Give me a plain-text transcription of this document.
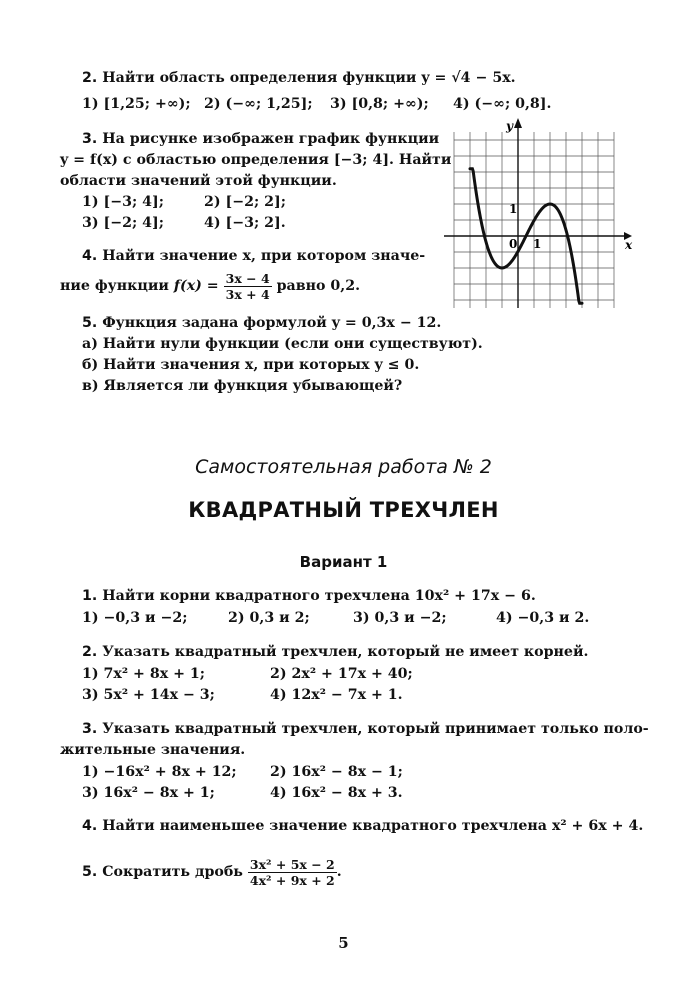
2. Найти область определения функции y = √4 − 5x.
1) [1,25; +∞); 2) (−∞; 1,25]; 3) [0,8; +∞); 4) (−∞; 0,8].
3. На рисунке изображен график функции
y = f(x) с областью определения [−3; 4]. Найти
области значений этой функции.
1) [−3; 4];	2) [−2; 2];
3) [−2; 4];	4) [−3; 2].
4. Найти значение x, при котором значе-
ние функции $f(x) = \frac{3x - 4}{3x + 4}$ равно 0,2.
5. Функция задана формулой y = 0,3x − 12.
а) Найти нули функции (если они существуют).
б) Найти значения x, при которых y ≤ 0.
в) Является ли функция убывающей?
x
y
0 1
1
Самостоятельная работа № 2
КВАДРАТНЫЙ ТРЕХЧЛЕН
Вариант 1
1. Найти корни квадратного трехчлена 10x² + 17x − 6.
1) −0,3 и −2;	2) 0,3 и 2;	3) 0,3 и −2;	4) −0,3 и 2.
2. Указать квадратный трехчлен, который не имеет корней.
1) 7x² + 8x + 1;	2) 2x² + 17x + 40;
3) 5x² + 14x − 3;	4) 12x² − 7x + 1.
3. Указать квадратный трехчлен, который принимает только поло-
жительные значения.
1) −16x² + 8x + 12; 2) 16x² − 8x − 1;
3) 16x² − 8x + 1;	4) 16x² − 8x + 3.
4. Найти наименьшее значение квадратного трехчлена x² + 6x + 4.
5. Сократить дробь $\frac{\text{3x² + 5x − 2}}{\text{4x² + 9x + 2}}$ .
5
